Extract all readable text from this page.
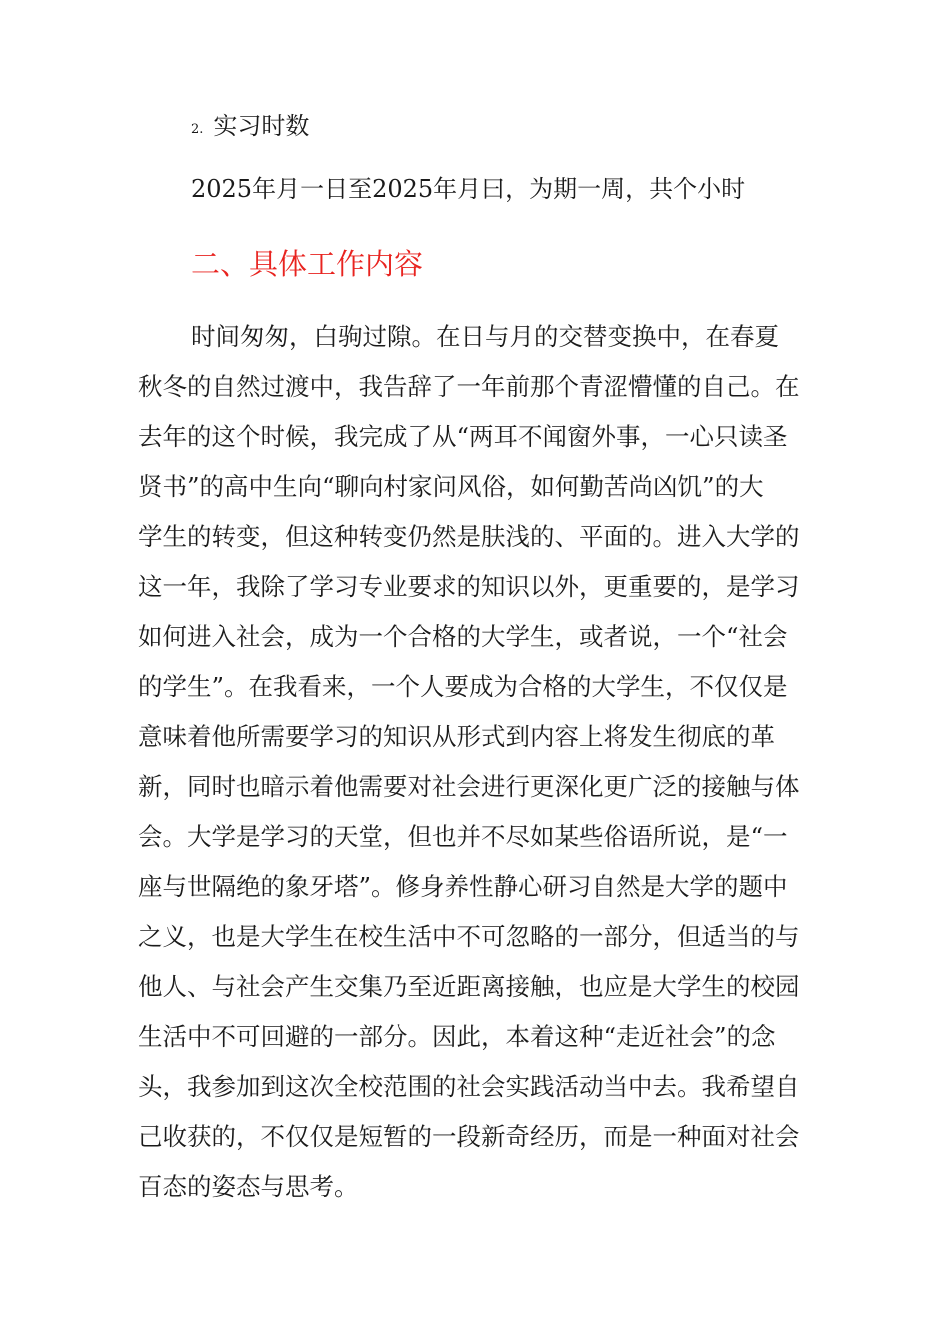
2. 实习时数
2025年月一日至2025年月曰，为期一周，共个小时
二、具体工作内容
时间匆匆，白驹过隙。在日与月的交替变换中，在春夏
秋冬的自然过渡中，我告辞了一年前那个青涩懵懂的自己。在
去年的这个时候，我完成了从“两耳不闻窗外事，一心只读圣
贤书”的高中生向“聊向村家问风俗，如何勤苦尚凶饥”的大
学生的转变，但这种转变仍然是肤浅的、平面的。进入大学的
这一年，我除了学习专业要求的知识以外，更重要的，是学习
如何进入社会，成为一个合格的大学生，或者说，一个“社会
的学生”。在我看来，一个人要成为合格的大学生，不仅仅是
意味着他所需要学习的知识从形式到内容上将发生彻底的革
新，同时也暗示着他需要对社会进行更深化更广泛的接触与体
会。大学是学习的天堂，但也并不尽如某些俗语所说，是“一
座与世隔绝的象牙塔”。修身养性静心研习自然是大学的题中
之义，也是大学生在校生活中不可忽略的一部分，但适当的与
他人、与社会产生交集乃至近距离接触，也应是大学生的校园
生活中不可回避的一部分。因此，本着这种“走近社会”的念
头，我参加到这次全校范围的社会实践活动当中去。我希望自
己收获的，不仅仅是短暂的一段新奇经历，而是一种面对社会
百态的姿态与思考。
